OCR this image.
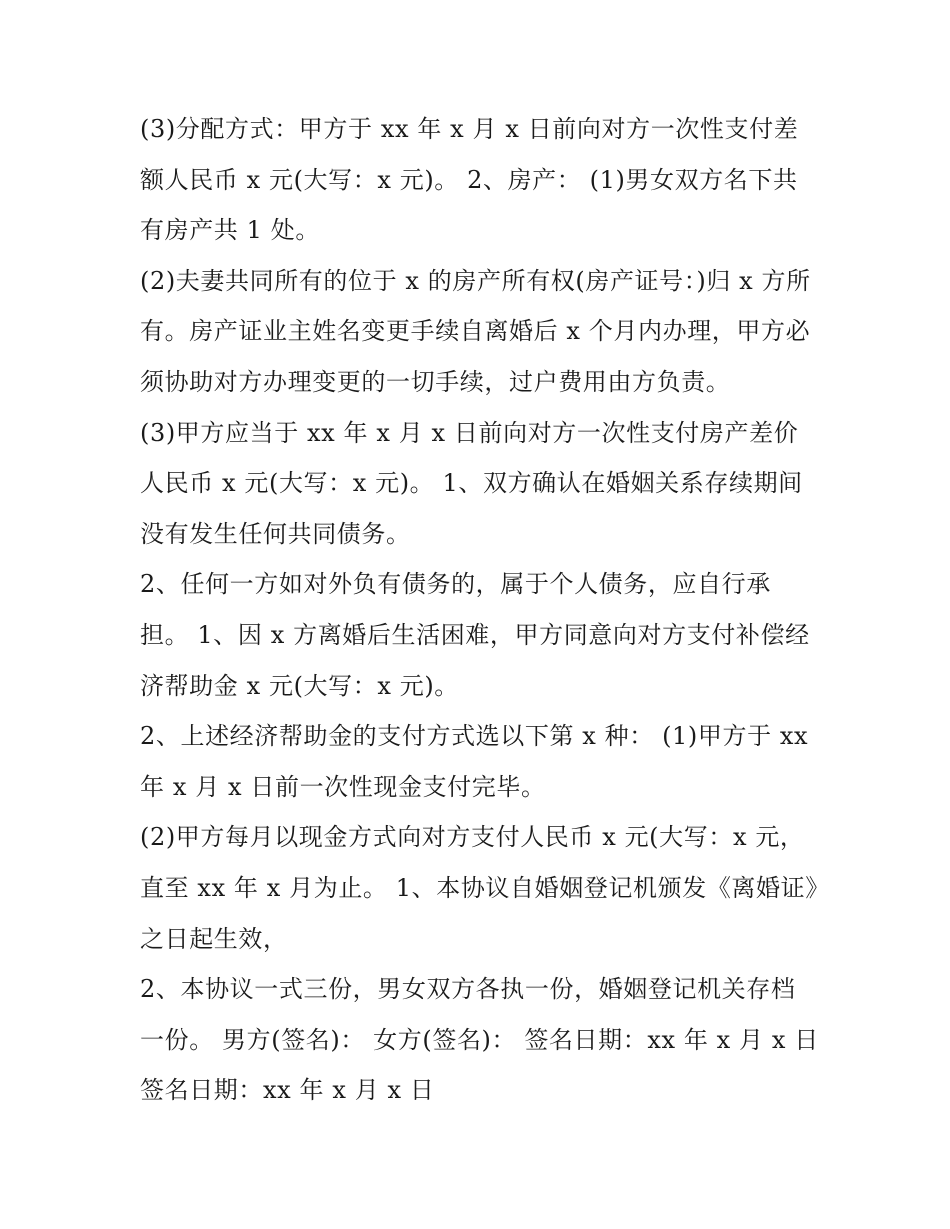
(3)分配方式：甲方于 xx 年 x 月 x 日前向对方一次性支付差额人民币 x 元(大写：x 元)。 2、房产： (1)男女双方名下共有房产共 1 处。

(2)夫妻共同所有的位于 x 的房产所有权(房产证号：)归 x 方所有。房产证业主姓名变更手续自离婚后 x 个月内办理，甲方必须协助对方办理变更的一切手续，过户费用由方负责。

(3)甲方应当于 xx 年 x 月 x 日前向对方一次性支付房产差价人民币 x 元(大写：x 元)。 1、双方确认在婚姻关系存续期间没有发生任何共同债务。

2、任何一方如对外负有债务的，属于个人债务，应自行承担。 1、因 x 方离婚后生活困难，甲方同意向对方支付补偿经济帮助金 x 元(大写：x 元)。

2、上述经济帮助金的支付方式选以下第 x 种： (1)甲方于 xx 年 x 月 x 日前一次性现金支付完毕。

(2)甲方每月以现金方式向对方支付人民币 x 元(大写：x 元，直至 xx 年 x 月为止。 1、本协议自婚姻登记机颁发《离婚证》之日起生效，

2、本协议一式三份，男女双方各执一份，婚姻登记机关存档一份。 男方(签名)： 女方(签名)： 签名日期：xx 年 x 月 x 日签名日期：xx 年 x 月 x 日
